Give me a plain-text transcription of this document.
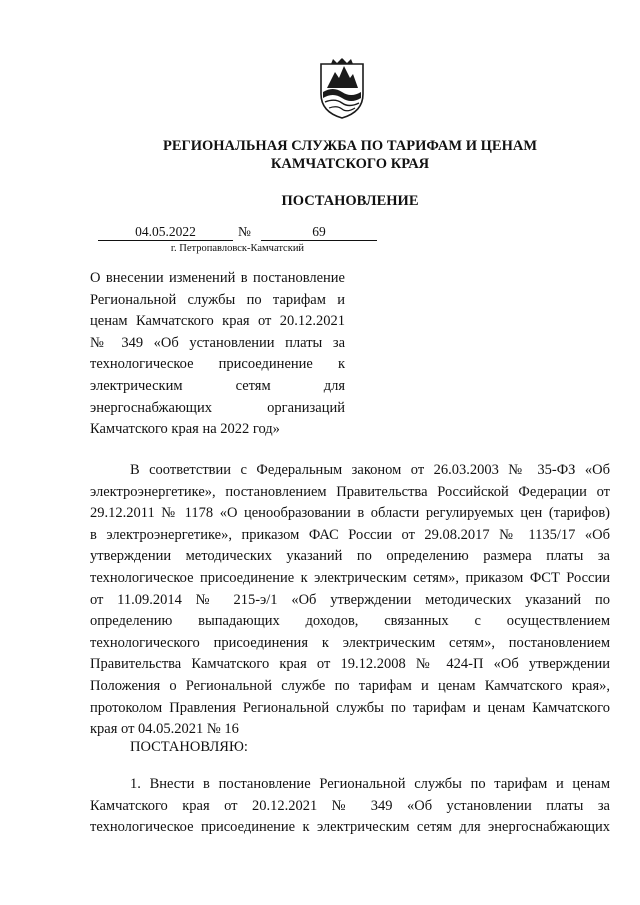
РЕГИОНАЛЬНАЯ СЛУЖБА ПО ТАРИФАМ И ЦЕНАМ
КАМЧАТСКОГО КРАЯ
ПОСТАНОВЛЕНИЕ
04.05.2022	№	69
г. Петропавловск-Камчатский
О внесении изменений в постановление
Региональной службы по тарифам и
ценам Камчатского края от 20.12.2021
№ 349 «Об установлении платы за
технологическое присоединение к
электрическим сетям для
энергоснабжающих организаций
Камчатского края на 2022 год»
В соответствии с Федеральным законом от 26.03.2003 № 35-ФЗ «Об
электроэнергетике», постановлением Правительства Российской Федерации от
29.12.2011 № 1178 «О ценообразовании в области регулируемых цен (тарифов)
в электроэнергетике», приказом ФАС России от 29.08.2017 № 1135/17 «Об
утверждении методических указаний по определению размера платы за
технологическое присоединение к электрическим сетям», приказом ФСТ России
от 11.09.2014 № 215-э/1 «Об утверждении методических указаний по
определению выпадающих доходов, связанных с осуществлением
технологического присоединения к электрическим сетям», постановлением
Правительства Камчатского края от 19.12.2008 № 424-П «Об утверждении
Положения о Региональной службе по тарифам и ценам Камчатского края»,
протоколом Правления Региональной службы по тарифам и ценам Камчатского
края от 04.05.2021 № 16
ПОСТАНОВЛЯЮ:
1. Внести в постановление Региональной службы по тарифам и ценам
Камчатского края от 20.12.2021 № 349 «Об установлении платы за
технологическое присоединение к электрическим сетям для энергоснабжающих
